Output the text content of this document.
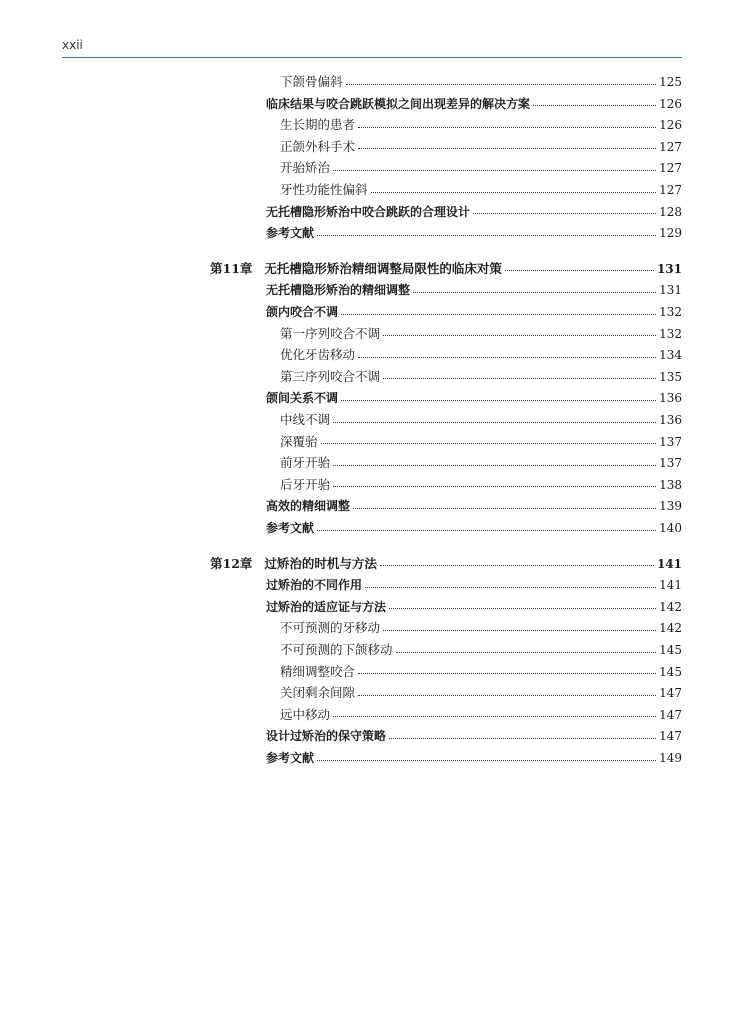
xxii
下颌骨偏斜	125
临床结果与咬合跳跃模拟之间出现差异的解决方案	126
生长期的患者	126
正颌外科手术	127
开骀矫治	127
牙性功能性偏斜	127
无托槽隐形矫治中咬合跳跃的合理设计	128
参考文献	129
第11章 无托槽隐形矫治精细调整局限性的临床对策	131
无托槽隐形矫治的精细调整	131
颌内咬合不调	132
第一序列咬合不调	132
优化牙齿移动	134
第三序列咬合不调	135
颌间关系不调	136
中线不调	136
深覆骀	137
前牙开骀	137
后牙开骀	138
高效的精细调整	139
参考文献	140
第12章 过矫治的时机与方法	141
过矫治的不同作用	141
过矫治的适应证与方法	142
不可预测的牙移动	142
不可预测的下颌移动	145
精细调整咬合	145
关闭剩余间隙	147
远中移动	147
设计过矫治的保守策略	147
参考文献	149
